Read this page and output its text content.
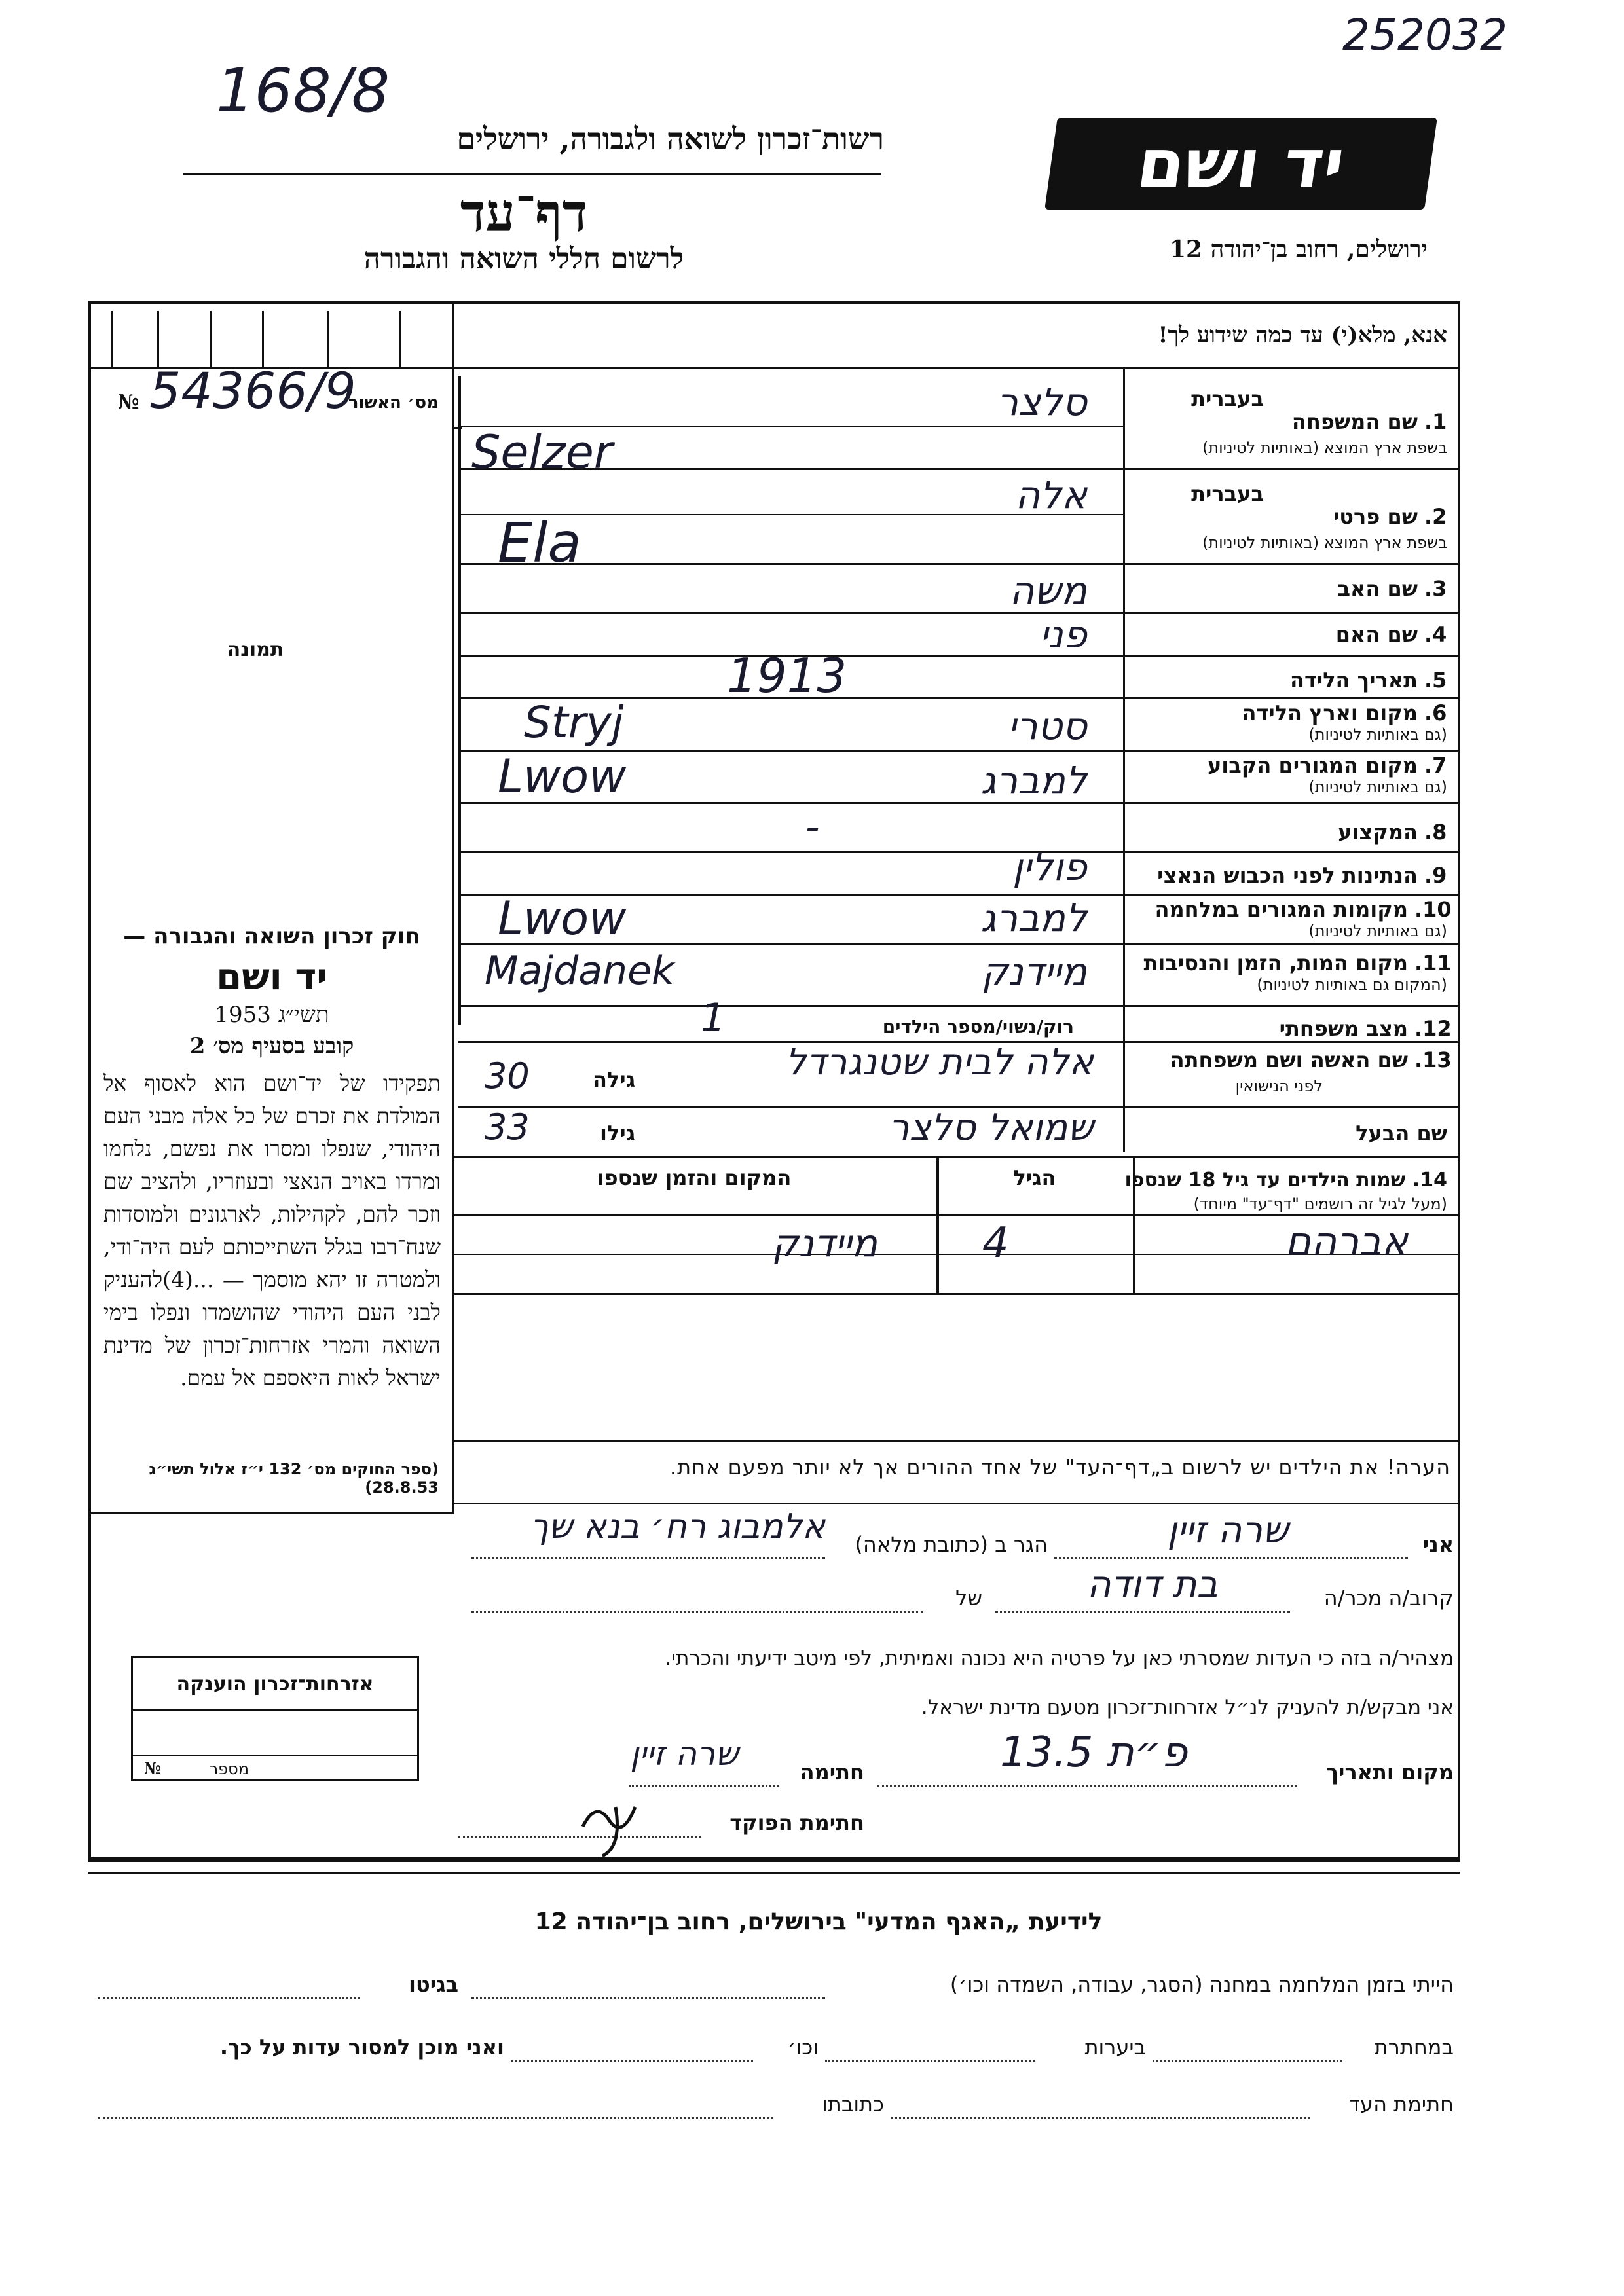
252032
168/8
רשות־זכרון לשואה ולגבורה, ירושלים
דף־עד
לרשום חללי השואה והגבורה
יד ושם
ירושלים, רחוב בן־יהודה 12
אנא, מלא(י) עד כמה שידוע לך!
מס׳ האשור
№ 54366/9
תמונה
1.
שם המשפחה
בעברית
בשפת ארץ המוצא (באותיות לטיניות)
סלצר
Selzer
2.
שם פרטי
בעברית
בשפת ארץ המוצא (באותיות לטיניות)
אלה
Ela
3.
שם האב
משה
4.
שם האם
פני
5.
תאריך הלידה
1913
6.
מקום וארץ הלידה
(גם באותיות לטיניות)
סטרי
Stryj
7.
מקום המגורים הקבוע
(גם באותיות לטיניות)
למברג
Lwow
8.
המקצוע
-
9.
הנתינות לפני הכבוש הנאצי
פולין
10.
מקומות המגורים במלחמה
(גם באותיות לטיניות)
למברג
Lwow
11.
מקום המות, הזמן והנסיבות
(המקום גם באותיות לטיניות)
מיידנק
Majdanek
12.
מצב משפחתי
רוק/נשוי/מספר הילדים
1
13.
שם האשה ושם משפחתה
לפני הנישואין
אלה לבית שטנגרדל
גילה
30
שם הבעל
שמואל סלצר
גילו
33
14. שמות הילדים עד גיל 18 שנספו
(מעל לגיל זה רושמים "דף־עד" מיוחד)
הגיל
המקום והזמן שנספו
אברהם
4
מיידנק
הערה! את הילדים יש לרשום ב„דף־העד" של אחד ההורים אך לא יותר מפעם אחת.
חוק זכרון השואה והגבורה —
יד ושם
תשי״ג 1953
קובע בסעיף מס׳ 2
תפקידו של יד־ושם הוא לאסוף אל המולדת את זכרם של כל אלה מבני העם היהודי, שנפלו ומסרו את נפשם, נלחמו ומרדו באויב הנאצי ובעוזריו, ולהציב שם וזכר להם, לקהילות, לארגונים ולמוסדות שנח־רבו בגלל השתייכותם לעם היה־ודי, ולמטרה זו יהא מוסמך — ...(4)להעניק לבני העם היהודי שהושמדו ונפלו בימי השואה והמרי אזרחות־זכרון של מדינת ישראל לאות היאספם אל עמם.
(ספר החוקים מס׳ 132 י״ז אלול תשי״ג 28.8.53)
אני
שרה זיין
הגר ב (כתובת מלאה)
אלמבוג רח׳ בנא שך
קרוב/ה מכר/ה
בת דודה
של
מצהיר/ה בזה כי העדות שמסרתי כאן על פרטיה היא נכונה ואמיתית, לפי מיטב ידיעתי והכרתי.
אני מבקש/ת להעניק לנ״ל אזרחות־זכרון מטעם מדינת ישראל.
מקום ותאריך
פ״ת 13.5
חתימה
שרה זיין
חתימת הפוקד
אזרחות־זכרון הוענקה
מספר
№
לידיעת „האגף המדעי" בירושלים, רחוב בן־יהודה 12
הייתי בזמן המלחמה במחנה (הסגר, עבודה, השמדה וכו׳)
בגיטו
במחתרת
ביערות
וכו׳
ואני מוכן למסור עדות על כך.
חתימת העד
כתובתו
